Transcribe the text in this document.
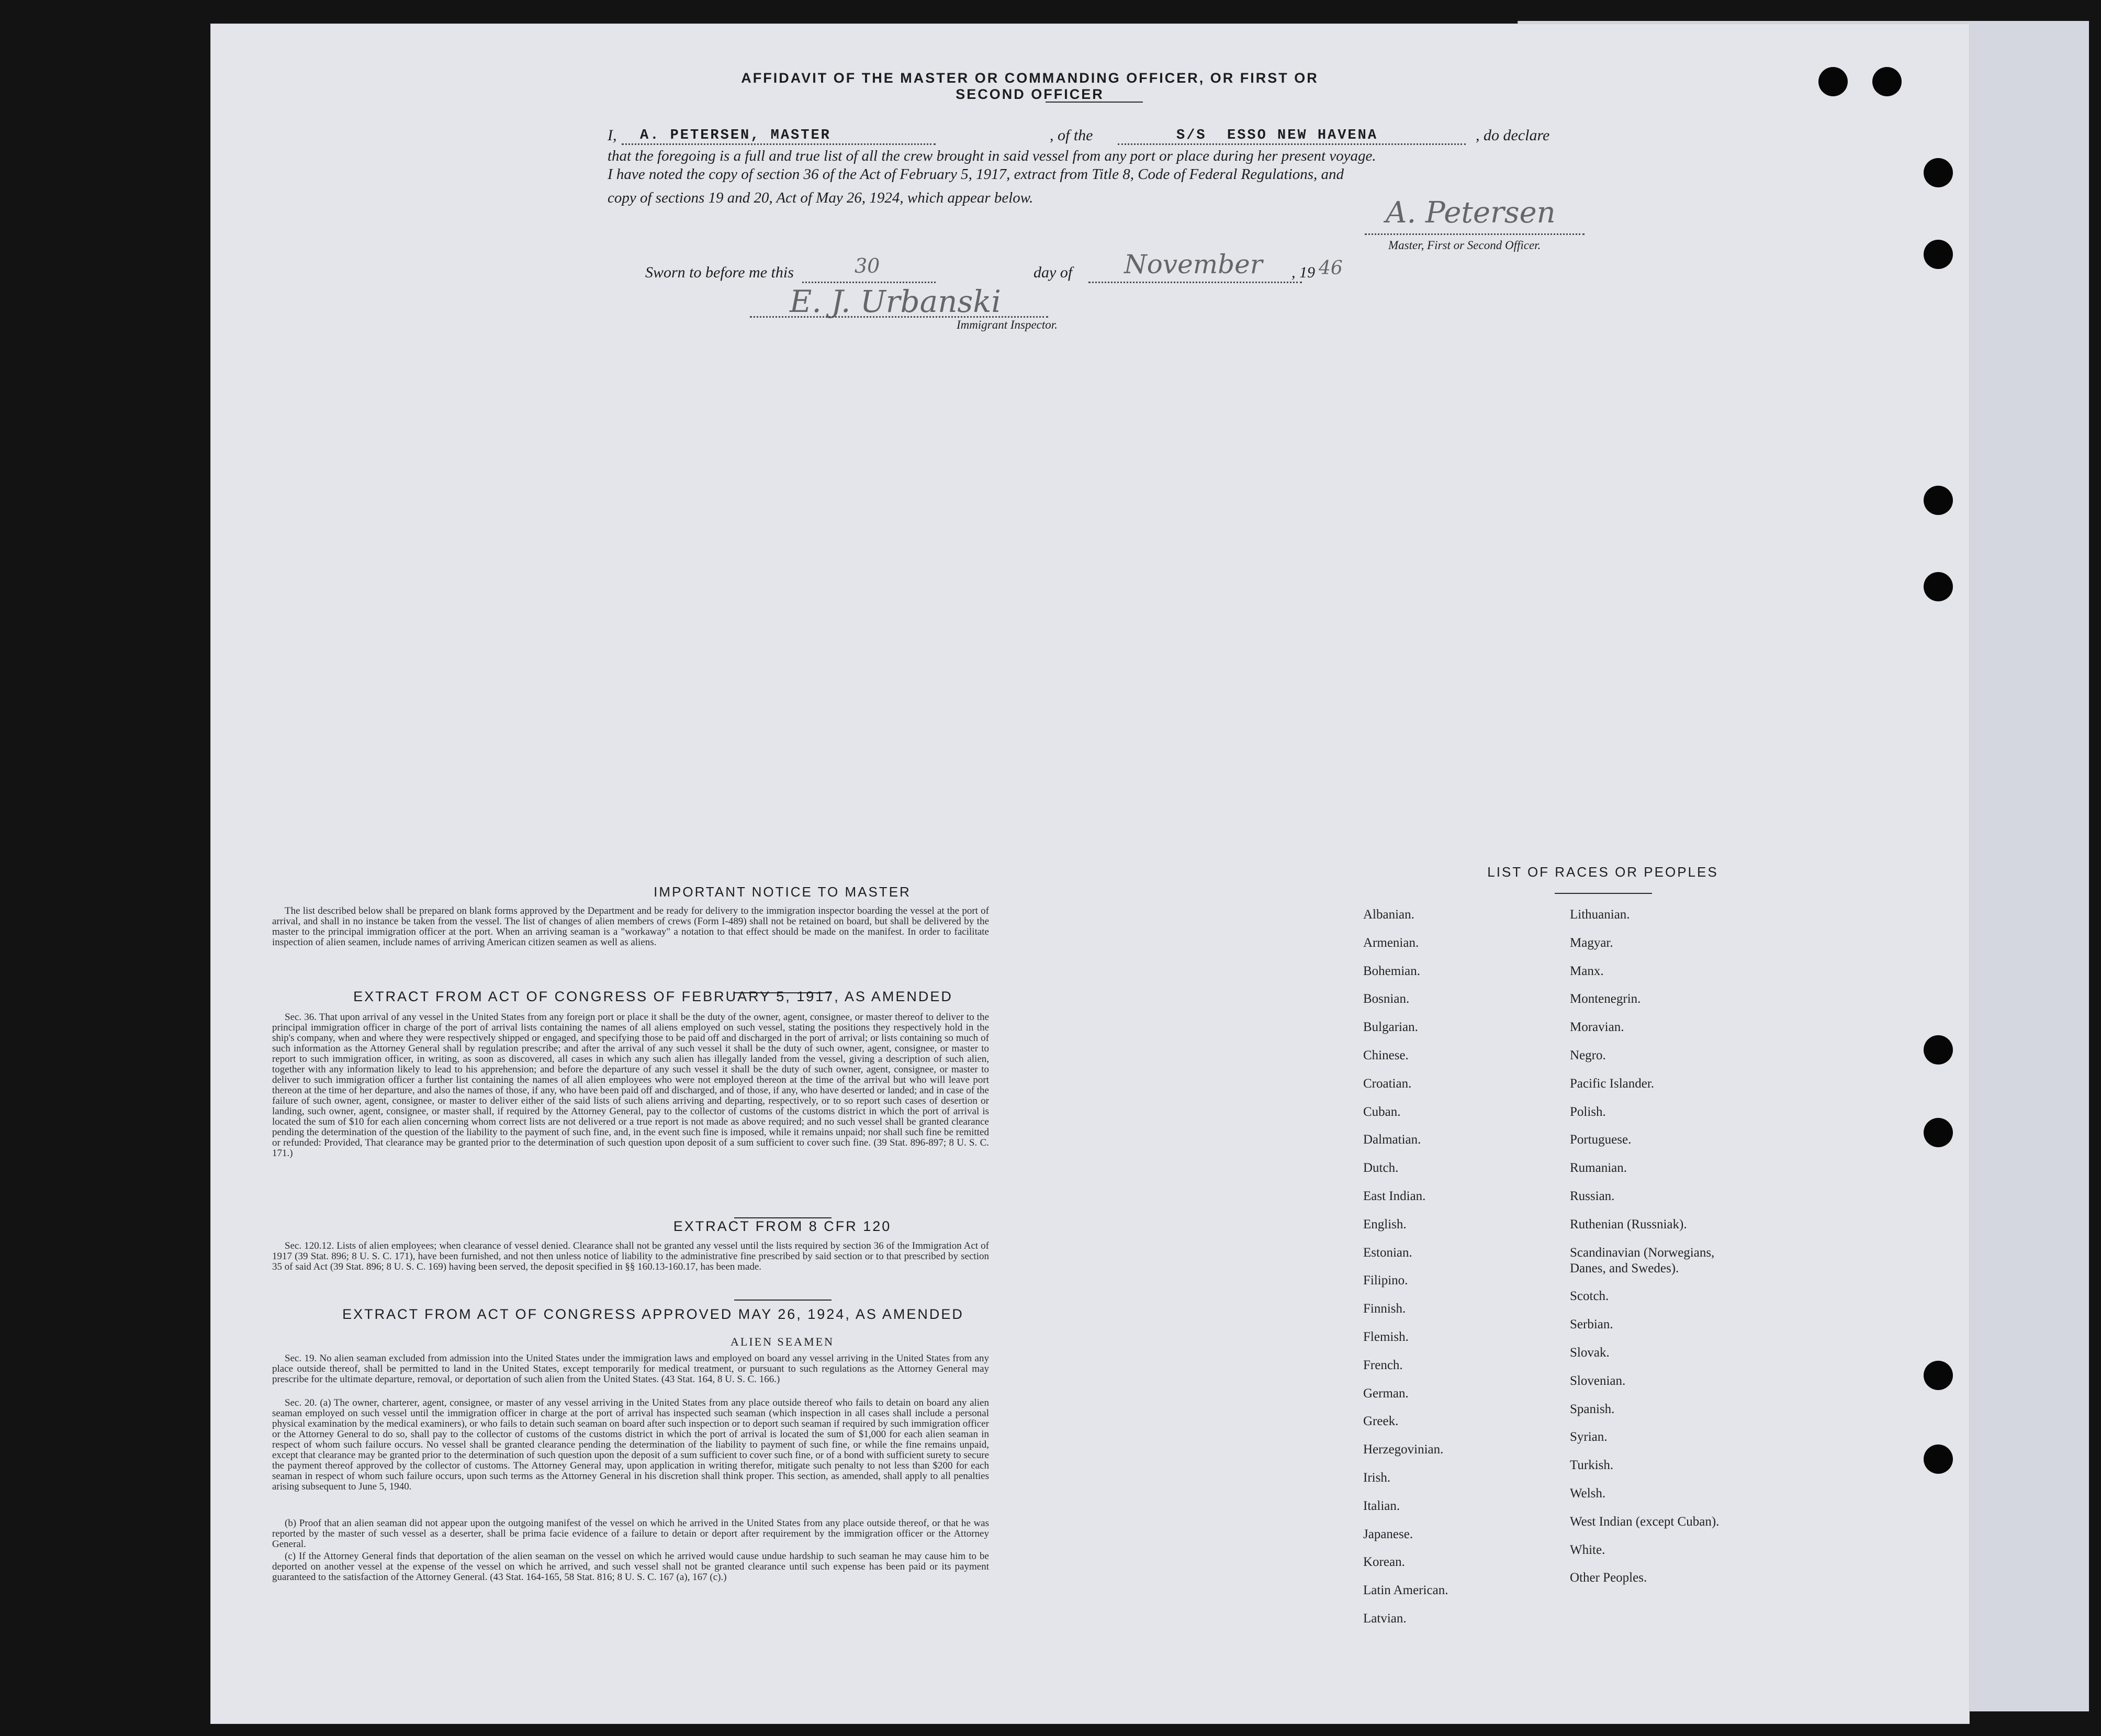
AFFIDAVIT OF THE MASTER OR COMMANDING OFFICER, OR FIRST OR SECOND OFFICER
I, A. PETERSEN, MASTER	, of the	S/S ESSO NEW HAVENA	, do declare
that the foregoing is a full and true list of all the crew brought in said vessel from any port or place during her present voyage.
I have noted the copy of section 36 of the Act of February 5, 1917, extract from Title 8, Code of Federal Regulations, and
copy of sections 19 and 20, Act of May 26, 1924, which appear below.	A. Petersen
Master, First or Second Officer.
Sworn to before me this	30	day of November , 19 46
E. J. Urbanski
Immigrant Inspector.
IMPORTANT NOTICE TO MASTER
The list described below shall be prepared on blank forms approved by the Department and be ready for delivery to the immigration inspector boarding the vessel at the port of arrival, and shall in no instance be taken from the vessel. The list of changes of alien members of crews (Form I-489) shall not be retained on board, but shall be delivered by the master to the principal immigration officer at the port. When an arriving seaman is a "workaway" a notation to that effect should be made on the manifest. In order to facilitate inspection of alien seamen, include names of arriving American citizen seamen as well as aliens.
EXTRACT FROM ACT OF CONGRESS OF FEBRUARY 5, 1917, AS AMENDED
Sec. 36. That upon arrival of any vessel in the United States from any foreign port or place it shall be the duty of the owner, agent, consignee, or master thereof to deliver to the principal immigration officer in charge of the port of arrival lists containing the names of all aliens employed on such vessel, stating the positions they respectively hold in the ship's company, when and where they were respectively shipped or engaged, and specifying those to be paid off and discharged in the port of arrival; or lists containing so much of such information as the Attorney General shall by regulation prescribe; and after the arrival of any such vessel it shall be the duty of such owner, agent, consignee, or master to report to such immigration officer, in writing, as soon as discovered, all cases in which any such alien has illegally landed from the vessel, giving a description of such alien, together with any information likely to lead to his apprehension; and before the departure of any such vessel it shall be the duty of such owner, agent, consignee, or master to deliver to such immigration officer a further list containing the names of all alien employees who were not employed thereon at the time of the arrival but who will leave port thereon at the time of her departure, and also the names of those, if any, who have been paid off and discharged, and of those, if any, who have deserted or landed; and in case of the failure of such owner, agent, consignee, or master to deliver either of the said lists of such aliens arriving and departing, respectively, or to so report such cases of desertion or landing, such owner, agent, consignee, or master shall, if required by the Attorney General, pay to the collector of customs of the customs district in which the port of arrival is located the sum of $10 for each alien concerning whom correct lists are not delivered or a true report is not made as above required; and no such vessel shall be granted clearance pending the determination of the question of the liability to the payment of such fine, and, in the event such fine is imposed, while it remains unpaid; nor shall such fine be remitted or refunded: Provided, That clearance may be granted prior to the determination of such question upon deposit of a sum sufficient to cover such fine. (39 Stat. 896-897; 8 U. S. C. 171.)
EXTRACT FROM 8 CFR 120
Sec. 120.12. Lists of alien employees; when clearance of vessel denied. Clearance shall not be granted any vessel until the lists required by section 36 of the Immigration Act of 1917 (39 Stat. 896; 8 U. S. C. 171), have been furnished, and not then unless notice of liability to the administrative fine prescribed by said section or to that prescribed by section 35 of said Act (39 Stat. 896; 8 U. S. C. 169) having been served, the deposit specified in §§ 160.13-160.17, has been made.
EXTRACT FROM ACT OF CONGRESS APPROVED MAY 26, 1924, AS AMENDED
ALIEN SEAMEN
Sec. 19. No alien seaman excluded from admission into the United States under the immigration laws and employed on board any vessel arriving in the United States from any place outside thereof, shall be permitted to land in the United States, except temporarily for medical treatment, or pursuant to such regulations as the Attorney General may prescribe for the ultimate departure, removal, or deportation of such alien from the United States. (43 Stat. 164, 8 U. S. C. 166.)
Sec. 20. (a) The owner, charterer, agent, consignee, or master of any vessel arriving in the United States from any place outside thereof who fails to detain on board any alien seaman employed on such vessel until the immigration officer in charge at the port of arrival has inspected such seaman (which inspection in all cases shall include a personal physical examination by the medical examiners), or who fails to detain such seaman on board after such inspection or to deport such seaman if required by such immigration officer or the Attorney General to do so, shall pay to the collector of customs of the customs district in which the port of arrival is located the sum of $1,000 for each alien seaman in respect of whom such failure occurs. No vessel shall be granted clearance pending the determination of the liability to payment of such fine, or while the fine remains unpaid, except that clearance may be granted prior to the determination of such question upon the deposit of a sum sufficient to cover such fine, or of a bond with sufficient surety to secure the payment thereof approved by the collector of customs. The Attorney General may, upon application in writing therefor, mitigate such penalty to not less than $200 for each seaman in respect of whom such failure occurs, upon such terms as the Attorney General in his discretion shall think proper. This section, as amended, shall apply to all penalties arising subsequent to June 5, 1940.
(b) Proof that an alien seaman did not appear upon the outgoing manifest of the vessel on which he arrived in the United States from any place outside thereof, or that he was reported by the master of such vessel as a deserter, shall be prima facie evidence of a failure to detain or deport after requirement by the immigration officer or the Attorney General.
(c) If the Attorney General finds that deportation of the alien seaman on the vessel on which he arrived would cause undue hardship to such seaman he may cause him to be deported on another vessel at the expense of the vessel on which he arrived, and such vessel shall not be granted clearance until such expense has been paid or its payment guaranteed to the satisfaction of the Attorney General. (43 Stat. 164-165, 58 Stat. 816; 8 U. S. C. 167 (a), 167 (c).)
LIST OF RACES OR PEOPLES
Albanian.
Armenian.
Bohemian.
Bosnian.
Bulgarian.
Chinese.
Croatian.
Cuban.
Dalmatian.
Dutch.
East Indian.
English.
Estonian.
Filipino.
Finnish.
Flemish.
French.
German.
Greek.
Herzegovinian.
Irish.
Italian.
Japanese.
Korean.
Latin American.
Latvian.
Lithuanian.
Magyar.
Manx.
Montenegrin.
Moravian.
Negro.
Pacific Islander.
Polish.
Portuguese.
Rumanian.
Russian.
Ruthenian (Russniak).
Scandinavian (Norwegians,
Danes, and Swedes).
Scotch.
Serbian.
Slovak.
Slovenian.
Spanish.
Syrian.
Turkish.
Welsh.
West Indian (except Cuban).
White.
Other Peoples.
